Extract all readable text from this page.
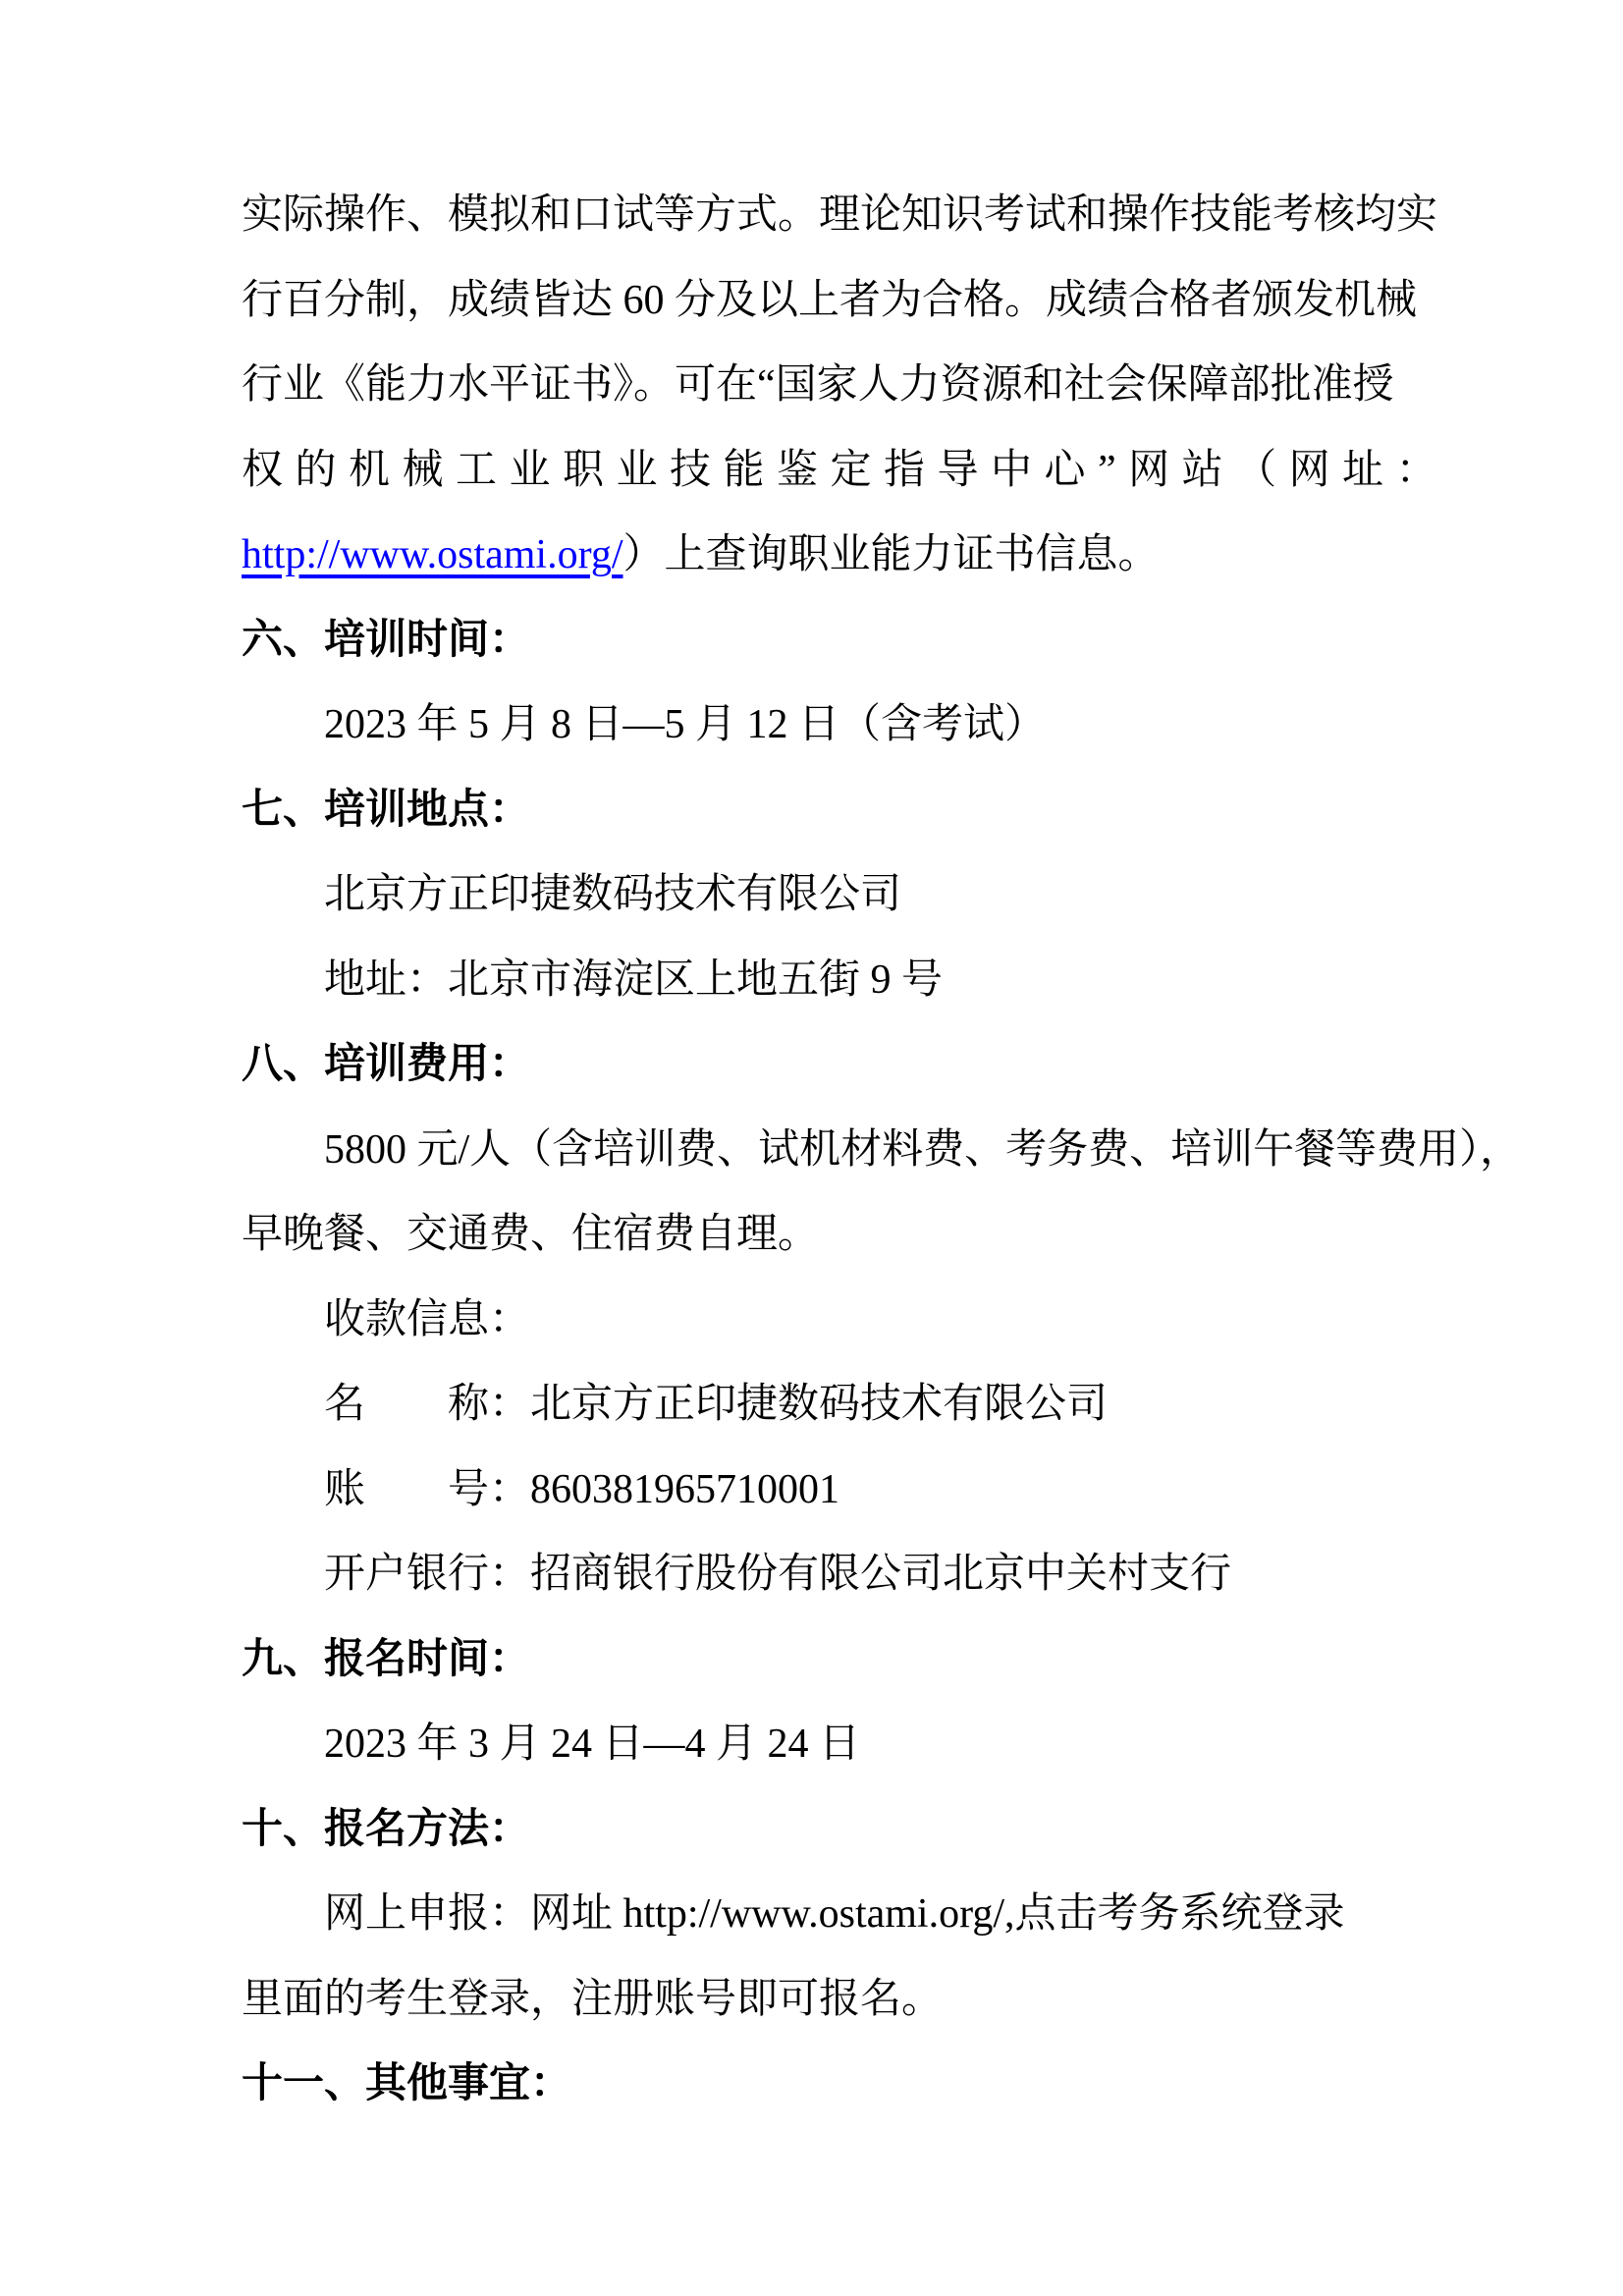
实际操作、模拟和口试等方式。理论知识考试和操作技能考核均实
行百分制，成绩皆达 60 分及以上者为合格。成绩合格者颁发机械
行业《能力水平证书》。可在“国家人力资源和社会保障部批准授
权的机械工业职业技能鉴定指导中心”网站（网址：
http://www.ostami.org/）上查询职业能力证书信息。
六、培训时间：
2023 年 5 月 8 日—5 月 12 日（含考试）
七、培训地点：
北京方正印捷数码技术有限公司
地址：北京市海淀区上地五街 9 号
八、培训费用：
5800 元/人（含培训费、试机材料费、考务费、培训午餐等费用），
早晚餐、交通费、住宿费自理。
收款信息：
名　　称：北京方正印捷数码技术有限公司
账　　号：860381965710001
开户银行：招商银行股份有限公司北京中关村支行
九、报名时间：
2023 年 3 月 24 日—4 月 24 日
十、报名方法：
网上申报：网址 http://www.ostami.org/,点击考务系统登录
里面的考生登录，注册账号即可报名。
十一、其他事宜：
